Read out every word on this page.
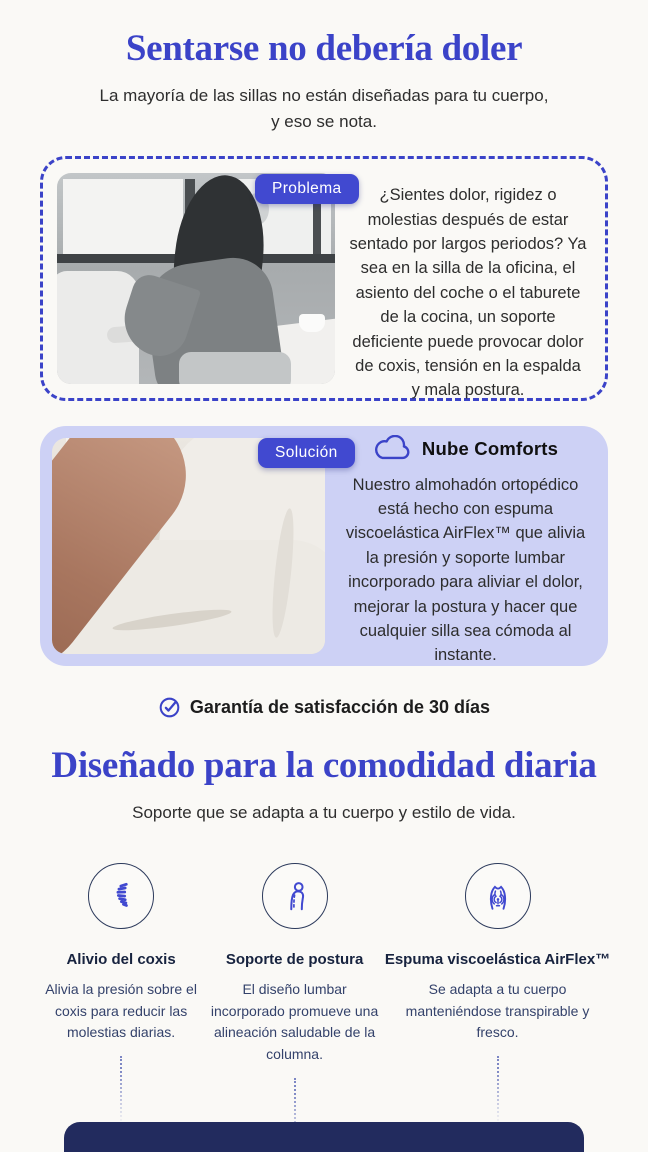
Sentarse no debería doler

La mayoría de las sillas no están diseñadas para tu cuerpo, y eso se nota.

Problema	¿Sientes dolor, rigidez o molestias después de estar sentado por largos periodos? Ya sea en la silla de la oficina, el asiento del coche o el taburete de la cocina, un soporte deficiente puede provocar dolor de coxis, tensión en la espalda y mala postura.
Solución	Nube Comforts
Nuestro almohadón ortopédico está hecho con espuma viscoelástica AirFlex™ que alivia la presión y soporte lumbar incorporado para aliviar el dolor, mejorar la postura y hacer que cualquier silla sea cómoda al instante.
Garantía de satisfacción de 30 días
Diseñado para la comodidad diaria

Soporte que se adapta a tu cuerpo y estilo de vida.

Alivio del coxis
Alivia la presión sobre el coxis para reducir las molestias diarias.
Soporte de postura
El diseño lumbar incorporado promueve una alineación saludable de la columna.
Espuma viscoelástica AirFlex™
Se adapta a tu cuerpo manteniéndose transpirable y fresco.
